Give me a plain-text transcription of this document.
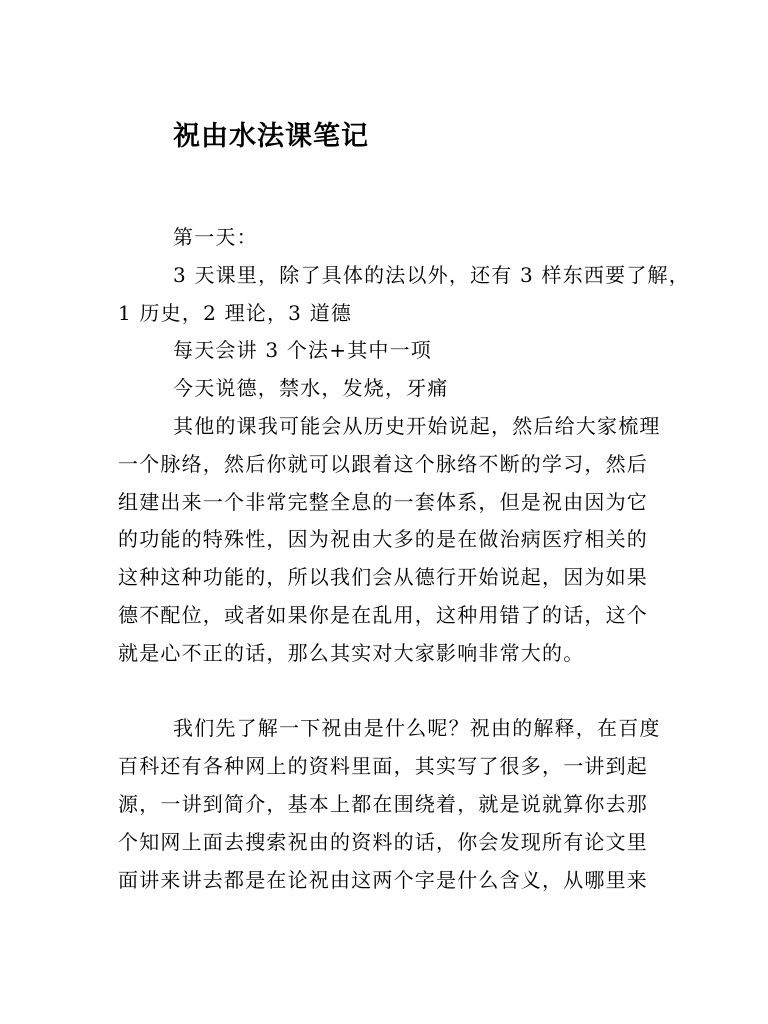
祝由水法课笔记
第一天：
3 天课里，除了具体的法以外，还有 3 样东西要了解，
1 历史，2 理论，3 道德
每天会讲 3 个法+其中一项
今天说德，禁水，发烧，牙痛
其他的课我可能会从历史开始说起，然后给大家梳理
一个脉络，然后你就可以跟着这个脉络不断的学习，然后
组建出来一个非常完整全息的一套体系，但是祝由因为它
的功能的特殊性，因为祝由大多的是在做治病医疗相关的
这种这种功能的，所以我们会从德行开始说起，因为如果
德不配位，或者如果你是在乱用，这种用错了的话，这个
就是心不正的话，那么其实对大家影响非常大的。
我们先了解一下祝由是什么呢？祝由的解释，在百度
百科还有各种网上的资料里面，其实写了很多，一讲到起
源，一讲到简介，基本上都在围绕着，就是说就算你去那
个知网上面去搜索祝由的资料的话，你会发现所有论文里
面讲来讲去都是在论祝由这两个字是什么含义，从哪里来
